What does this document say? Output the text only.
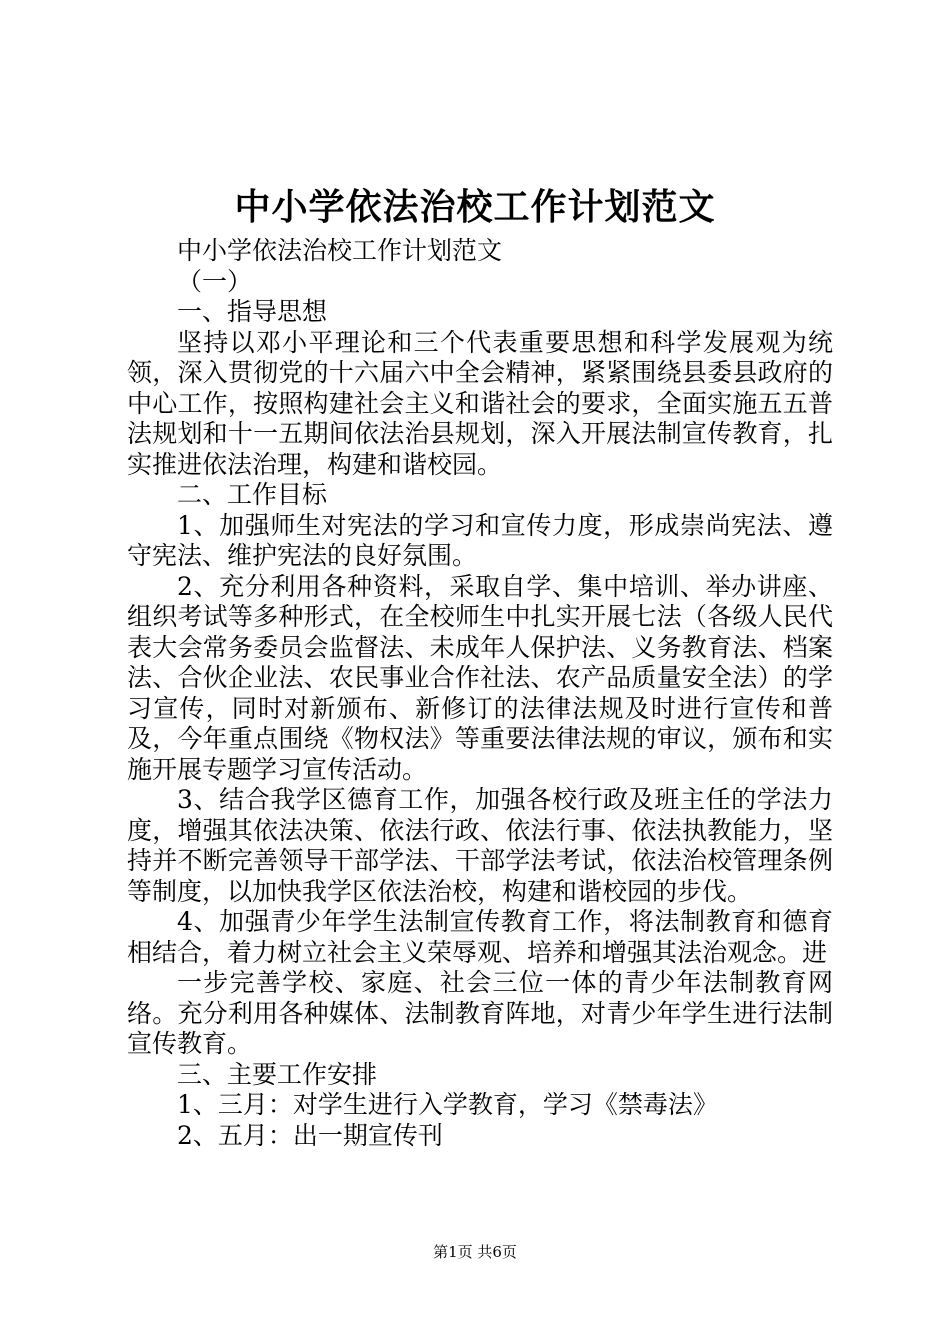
中小学依法治校工作计划范文

中小学依法治校工作计划范文

（一）

一、指导思想

坚持以邓小平理论和三个代表重要思想和科学发展观为统领，深入贯彻党的十六届六中全会精神，紧紧围绕县委县政府的中心工作，按照构建社会主义和谐社会的要求，全面实施五五普法规划和十一五期间依法治县规划，深入开展法制宣传教育，扎实推进依法治理，构建和谐校园。

二、工作目标

1、加强师生对宪法的学习和宣传力度，形成崇尚宪法、遵守宪法、维护宪法的良好氛围。

2、充分利用各种资料，采取自学、集中培训、举办讲座、组织考试等多种形式，在全校师生中扎实开展七法（各级人民代表大会常务委员会监督法、未成年人保护法、义务教育法、档案法、合伙企业法、农民事业合作社法、农产品质量安全法）的学习宣传，同时对新颁布、新修订的法律法规及时进行宣传和普及，今年重点围绕《物权法》等重要法律法规的审议，颁布和实施开展专题学习宣传活动。

3、结合我学区德育工作，加强各校行政及班主任的学法力度，增强其依法决策、依法行政、依法行事、依法执教能力，坚持并不断完善领导干部学法、干部学法考试，依法治校管理条例等制度，以加快我学区依法治校，构建和谐校园的步伐。

4、加强青少年学生法制宣传教育工作，将法制教育和德育相结合，着力树立社会主义荣辱观、培养和增强其法治观念。进

一步完善学校、家庭、社会三位一体的青少年法制教育网络。充分利用各种媒体、法制教育阵地，对青少年学生进行法制宣传教育。

三、主要工作安排

1、三月：对学生进行入学教育，学习《禁毒法》

2、五月：出一期宣传刊

第1页 共6页
